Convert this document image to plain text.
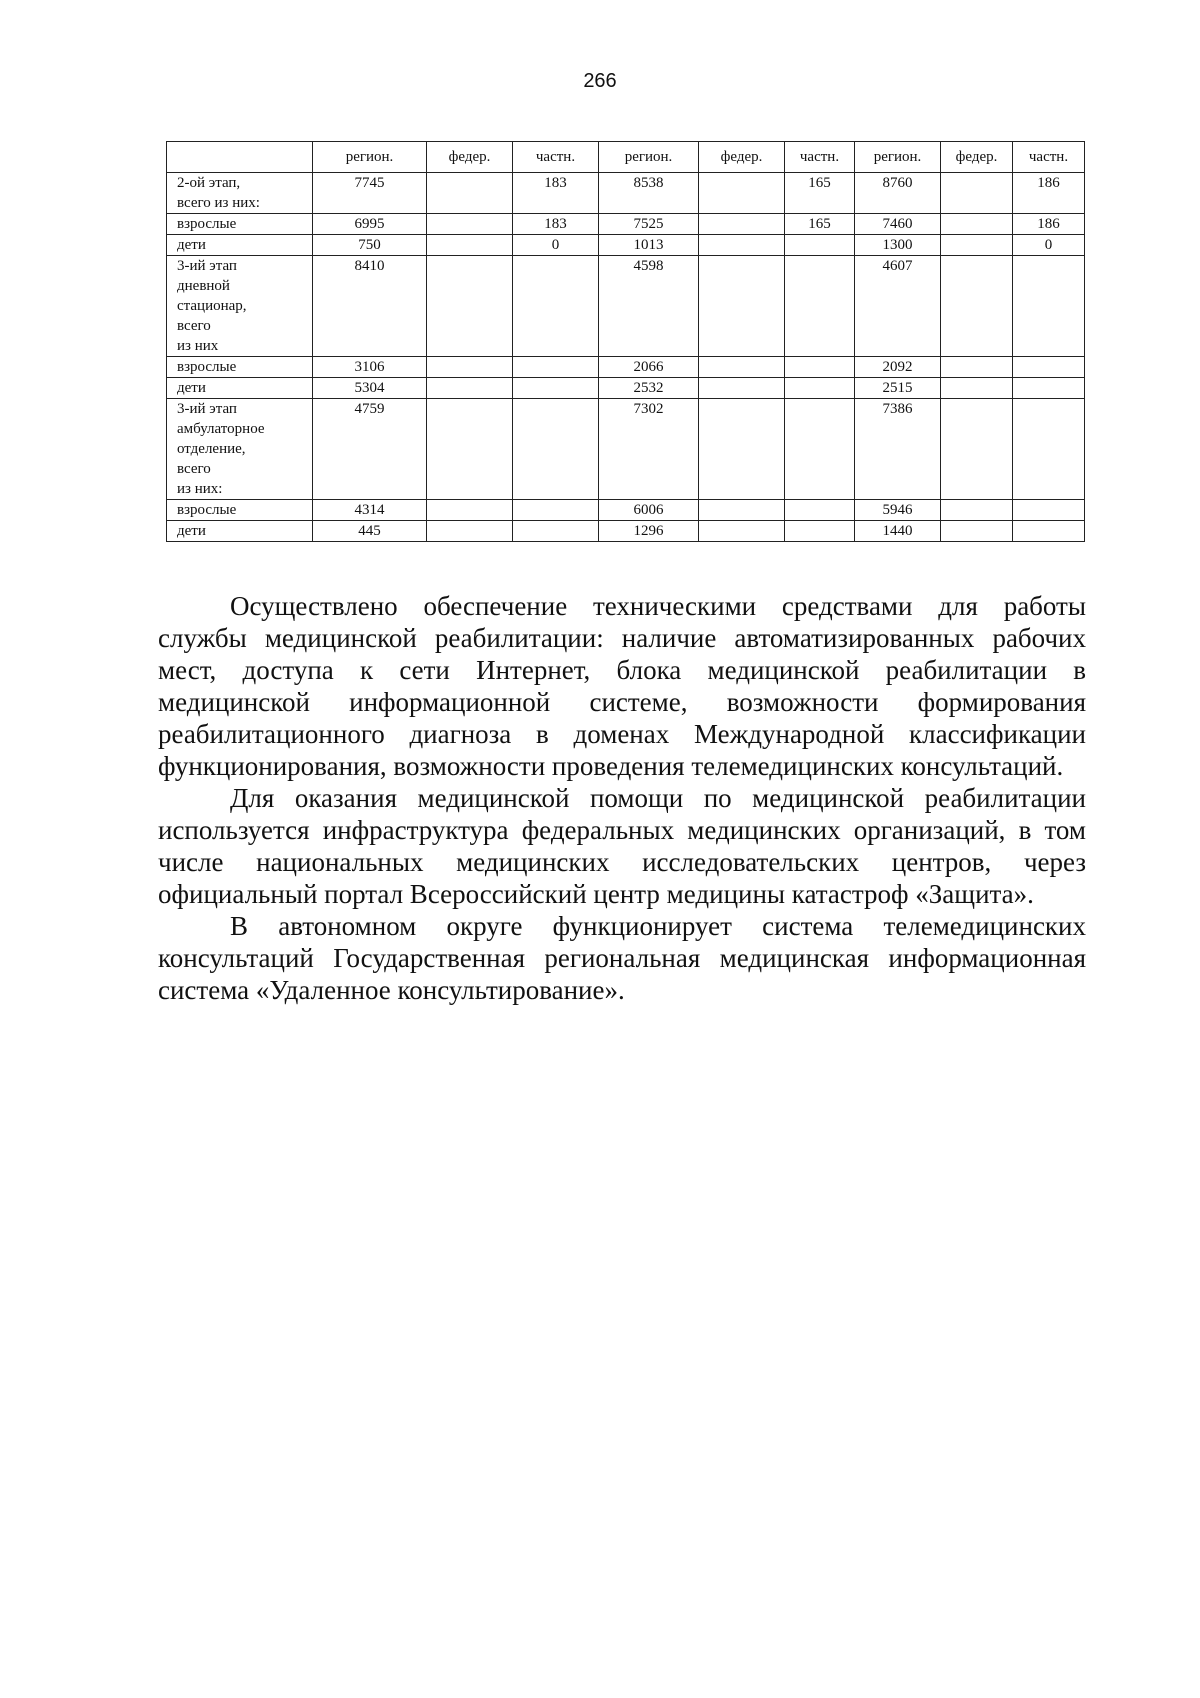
266
	регион.	федер.	частн.	регион.	федер.	частн.	регион.	федер.	частн.
2-ой этап,
всего из них:	7745		183	8538		165	8760		186
взрослые	6995		183	7525		165	7460		186
дети	750		0	1013			1300		0
3-ий этап
дневной
стационар,
всего
из них	8410			4598			4607		
взрослые	3106			2066			2092		
дети	5304			2532			2515		
3-ий этап
амбулаторное
отделение,
всего
из них:	4759			7302			7386		
взрослые	4314			6006			5946		
дети	445			1296			1440		

Осуществлено обеспечение техническими средствами для работы службы медицинской реабилитации: наличие автоматизированных рабочих мест, доступа к сети Интернет, блока медицинской реабилитации в медицинской информационной системе, возможности формирования реабилитационного диагноза в доменах Международной классификации функционирования, возможности проведения телемедицинских консультаций.

Для оказания медицинской помощи по медицинской реабилитации используется инфраструктура федеральных медицинских организаций, в том числе национальных медицинских исследовательских центров, через официальный портал Всероссийский центр медицины катастроф «Защита».

В автономном округе функционирует система телемедицинских консультаций Государственная региональная медицинская информационная система «Удаленное консультирование».
